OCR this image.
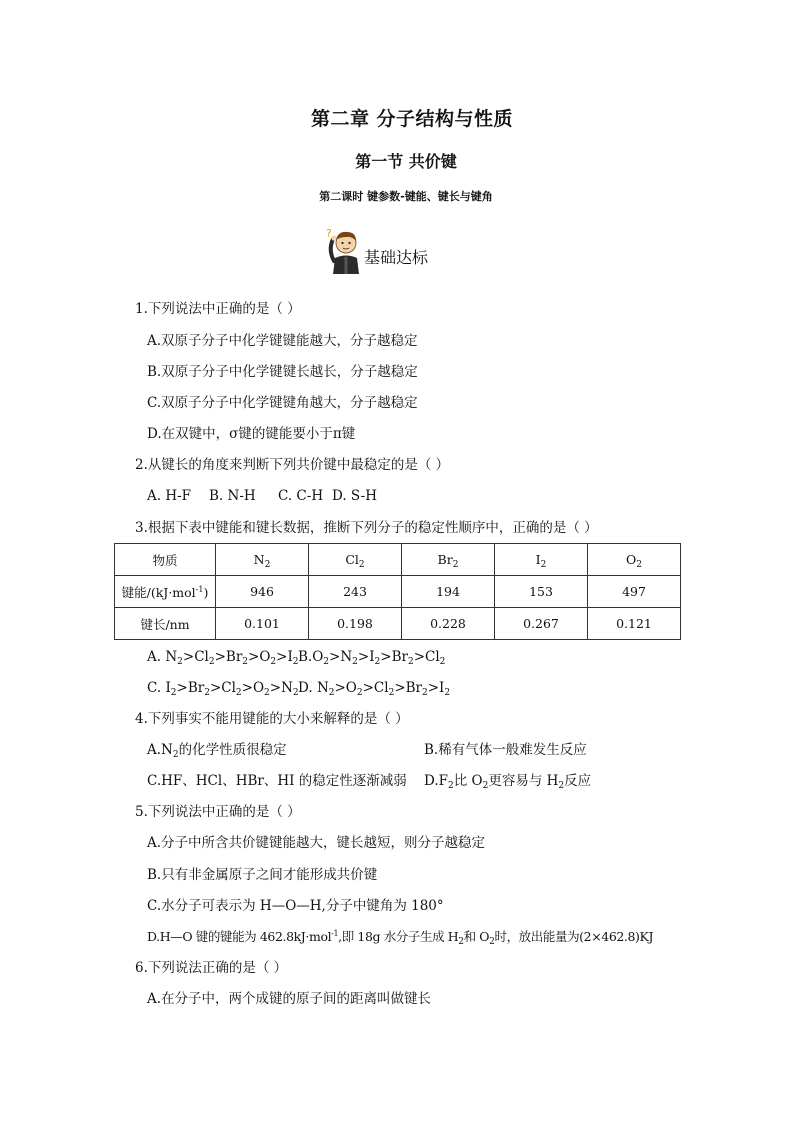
第二章 分子结构与性质
第一节 共价键
第二课时 键参数-键能、键长与键角
?
基础达标
1.下列说法中正确的是（ ）
A.双原子分子中化学键键能越大，分子越稳定
B.双原子分子中化学键键长越长，分子越稳定
C.双原子分子中化学键键角越大，分子越稳定
D.在双键中，σ键的键能要小于π键
2.从键长的角度来判断下列共价键中最稳定的是（ ）
A. H-F B. N-H C. C-H D. S-H
3.根据下表中键能和键长数据，推断下列分子的稳定性顺序中，正确的是（ ）
物质	$N_2$	$Cl_2$	$Br_2$	$I_2$	$O_2$
键能/(kJ·mol$^{-1}$)	946	243	194	153	497
键长/nm	0.101	0.198	0.228	0.267	0.121
A. $N_2>Cl_2>Br_2>O_2>I_2$ $B.O_2>N_2>I_2>Br_2>Cl_2$
C. $I_2>Br_2>Cl_2>O_2>N_2$ D. $N_2>O_2>Cl_2>Br_2>I_2$
4.下列事实不能用键能的大小来解释的是（ ）
$A.N_2$的化学性质很稳定	B.稀有气体一般难发生反应
C.HF、HCl、HBr、HI 的稳定性逐渐减弱 $D.F_2$比 $O_2$更容易与 $H_2$反应
5.下列说法中正确的是（ ）
A.分子中所含共价键键能越大，键长越短，则分子越稳定
B.只有非金属原子之间才能形成共价键
C.水分子可表示为 H—O—H,分子中键角为 180°
D.H—O 键的键能为 462.8kJ·mol$^{-1}$,即 18g 水分子生成 $H_2$和 $O_2$时，放出能量为(2×462.8)KJ
6.下列说法正确的是（ ）
A.在分子中，两个成键的原子间的距离叫做键长
